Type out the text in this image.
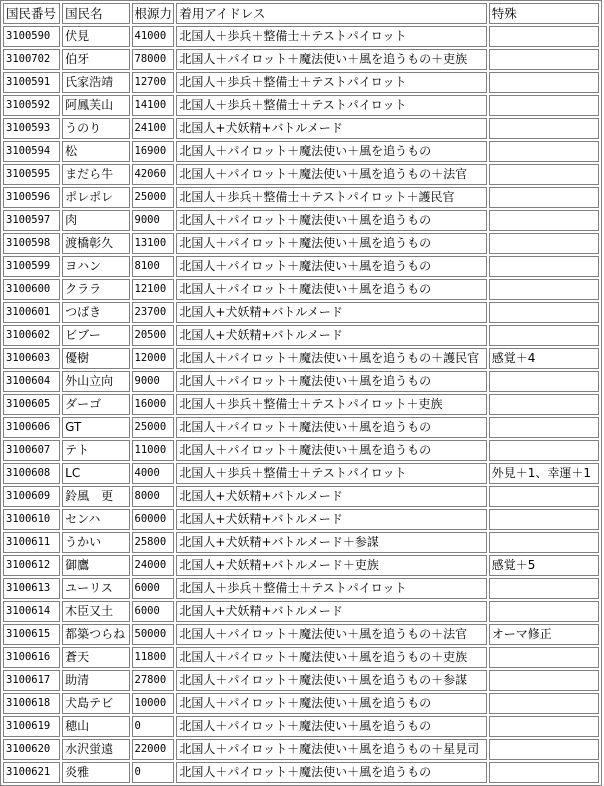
国民番号	国民名	根源力	着用アイドレス	特殊
3100590	伏見	41000	北国人＋歩兵＋整備士＋テストパイロット	
3100702	伯牙	78000	北国人＋パイロット＋魔法使い＋風を追うもの＋吏族	
3100591	氏家浩靖	12700	北国人＋歩兵＋整備士＋テストパイロット	
3100592	阿鳳芙山	14100	北国人＋歩兵＋整備士＋テストパイロット	
3100593	うのり	24100	北国人+犬妖精+バトルメード	
3100594	松	16900	北国人＋パイロット＋魔法使い＋風を追うもの	
3100595	まだら牛	42060	北国人＋パイロット＋魔法使い＋風を追うもの＋法官	
3100596	ポレポレ	25000	北国人＋歩兵＋整備士＋テストパイロット＋護民官	
3100597	肉	9000	北国人＋パイロット＋魔法使い＋風を追うもの	
3100598	渡橋彰久	13100	北国人＋パイロット＋魔法使い＋風を追うもの	
3100599	ヨハン	8100	北国人＋パイロット＋魔法使い＋風を追うもの	
3100600	クララ	12100	北国人＋パイロット＋魔法使い＋風を追うもの	
3100601	つばき	23700	北国人+犬妖精+バトルメード	
3100602	ビブー	20500	北国人+犬妖精+バトルメード	
3100603	優樹	12000	北国人＋パイロット＋魔法使い＋風を追うもの＋護民官	感覚＋4
3100604	外山立向	9000	北国人＋パイロット＋魔法使い＋風を追うもの	
3100605	ダーゴ	16000	北国人＋歩兵＋整備士＋テストパイロット＋吏族	
3100606	GT	25000	北国人＋パイロット＋魔法使い＋風を追うもの	
3100607	テト	11000	北国人＋パイロット＋魔法使い＋風を追うもの	
3100608	LC	4000	北国人＋歩兵＋整備士＋テストパイロット	外見＋1、幸運＋1
3100609	鈴風　更	8000	北国人+犬妖精+バトルメード	
3100610	センハ	60000	北国人+犬妖精+バトルメード	
3100611	うかい	25800	北国人+犬妖精+バトルメード＋参謀	
3100612	御鷹	24000	北国人+犬妖精+バトルメード＋吏族	感覚＋5
3100613	ユーリス	6000	北国人＋歩兵＋整備士＋テストパイロット	
3100614	木臣又土	6000	北国人+犬妖精+バトルメード	
3100615	都築つらね	50000	北国人＋パイロット＋魔法使い＋風を追うもの＋法官	オーマ修正
3100616	蒼天	11800	北国人＋パイロット＋魔法使い＋風を追うもの＋吏族	
3100617	助清	27800	北国人＋パイロット＋魔法使い＋風を追うもの＋参謀	
3100618	犬島テビ	10000	北国人＋パイロット＋魔法使い＋風を追うもの	
3100619	穂山	0	北国人＋パイロット＋魔法使い＋風を追うもの	
3100620	水沢蛍遠	22000	北国人＋パイロット＋魔法使い＋風を追うもの＋星見司	
3100621	炎雅	0	北国人＋パイロット＋魔法使い＋風を追うもの	
